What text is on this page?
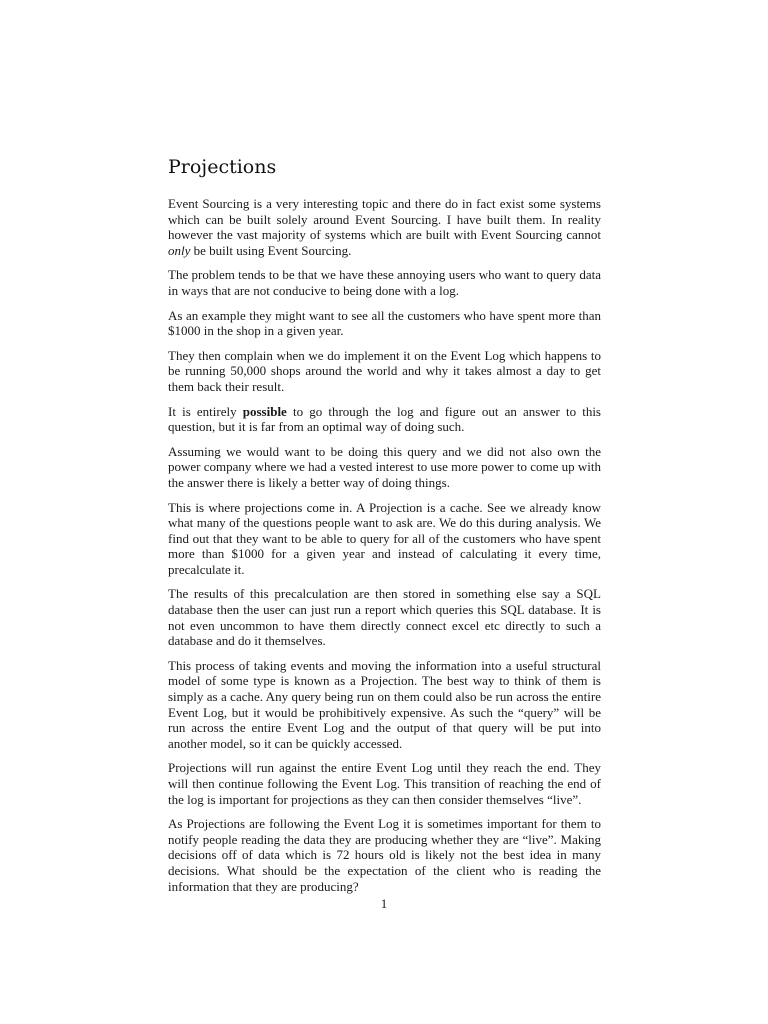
Projections

Event Sourcing is a very interesting topic and there do in fact exist some systems which can be built solely around Event Sourcing. I have built them. In reality however the vast majority of systems which are built with Event Sourcing cannot only be built using Event Sourcing.

The problem tends to be that we have these annoying users who want to query data in ways that are not conducive to being done with a log.

As an example they might want to see all the customers who have spent more than $1000 in the shop in a given year.

They then complain when we do implement it on the Event Log which happens to be running 50,000 shops around the world and why it takes almost a day to get them back their result.

It is entirely possible to go through the log and figure out an answer to this question, but it is far from an optimal way of doing such.

Assuming we would want to be doing this query and we did not also own the power company where we had a vested interest to use more power to come up with the answer there is likely a better way of doing things.

This is where projections come in. A Projection is a cache. See we already know what many of the questions people want to ask are. We do this during analysis. We find out that they want to be able to query for all of the customers who have spent more than $1000 for a given year and instead of calculating it every time, precalculate it.

The results of this precalculation are then stored in something else say a SQL database then the user can just run a report which queries this SQL database. It is not even uncommon to have them directly connect excel etc directly to such a database and do it themselves.

This process of taking events and moving the information into a useful structural model of some type is known as a Projection. The best way to think of them is simply as a cache. Any query being run on them could also be run across the entire Event Log, but it would be prohibitively expensive. As such the “query” will be run across the entire Event Log and the output of that query will be put into another model, so it can be quickly accessed.

Projections will run against the entire Event Log until they reach the end. They will then continue following the Event Log. This transition of reaching the end of the log is important for projections as they can then consider themselves “live”.

As Projections are following the Event Log it is sometimes important for them to notify people reading the data they are producing whether they are “live”. Making decisions off of data which is 72 hours old is likely not the best idea in many decisions. What should be the expectation of the client who is reading the information that they are producing?

1
